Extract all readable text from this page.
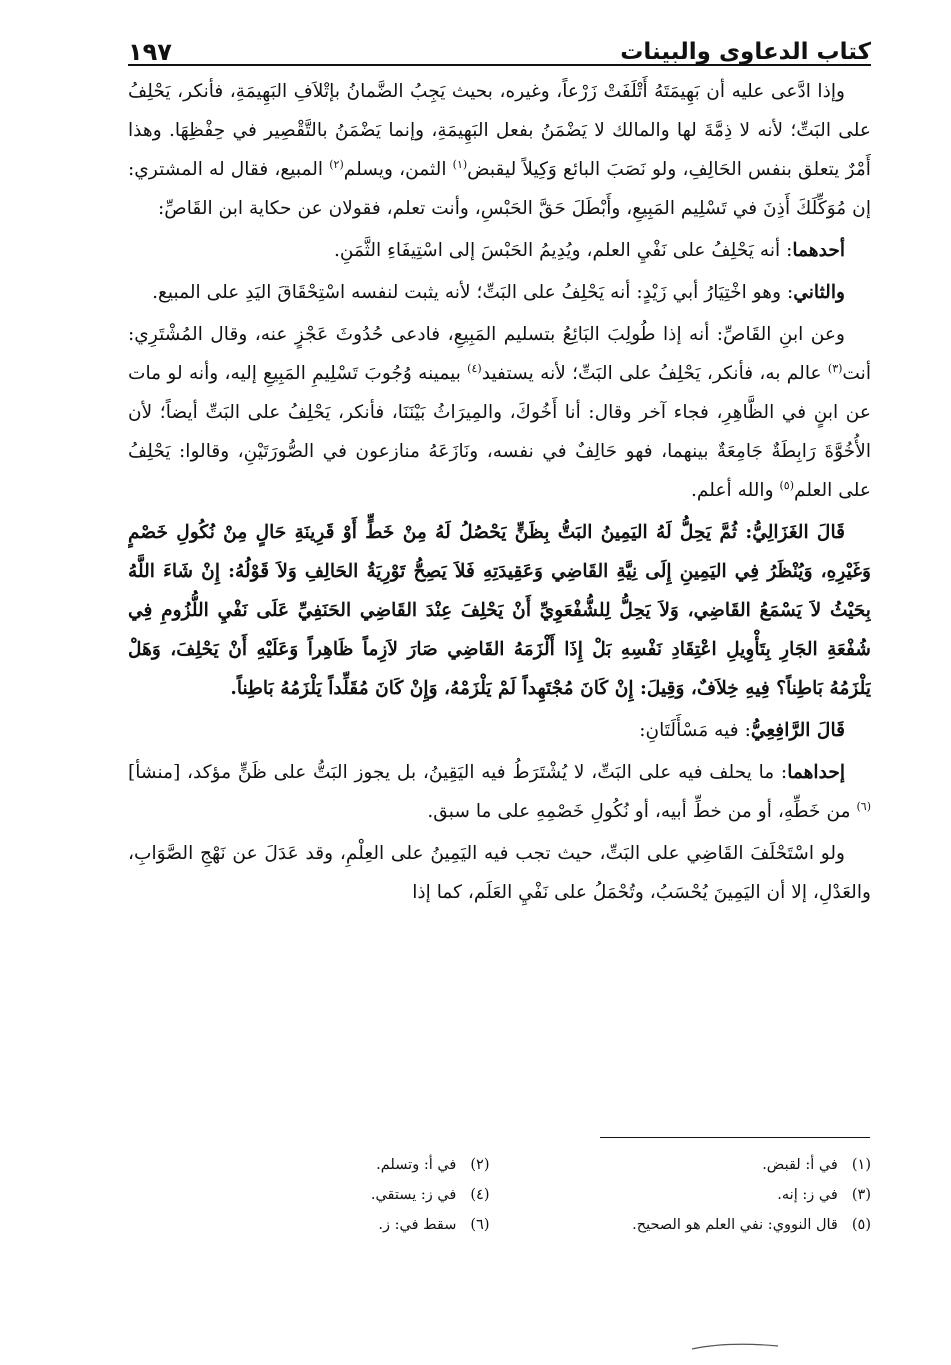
كتاب الدعاوى والبينات
١٩٧

وإذا ادَّعى عليه أن بَهِيمَتَهُ أَتْلَفَتْ زَرْعاً، وغيره، بحيث يَجِبُ الضَّمانُ بإتْلاَفِ البَهِيمَةِ، فأنكر، يَحْلِفُ على البَتِّ؛ لأنه لا ذِمَّةَ لها والمالك لا يَضْمَنُ بفعل البَهِيمَةِ، وإنما يَضْمَنُ بالتَّقْصِير في حِفْظِهَا. وهذا أَمْرٌ يتعلق بنفس الحَالِفِ، ولو نَصَبَ البائع وَكِيلاً ليقبض$^{(١)}$ الثمن، ويسلم$^{(٢)}$ المبيع، فقال له المشتري: إن مُوَكِّلَكَ أَذِنَ في تَسْلِيم المَبِيعِ، وأَبْطَلَ حَقَّ الحَبْسِ، وأنت تعلم، فقولان عن حكاية ابن القَاصِّ:

أحدهما: أنه يَحْلِفُ على نَفْيِ العلم، ويُدِيمُ الحَبْسَ إلى اسْتِيفَاءِ الثَّمَنِ.

والثاني: وهو اخْتِيَارُ أبي زَيْدٍ: أنه يَحْلِفُ على البَتِّ؛ لأنه يثبت لنفسه اسْتِحْقَاقَ اليَدِ على المبيع.

وعن ابنِ القَاصِّ: أنه إذا طُولِبَ البَائِعُ بتسليم المَبِيعِ، فادعى حُدُوثَ عَجْزٍ عنه، وقال المُشْتَرِي: أنت$^{(٣)}$ عالم به، فأنكر، يَحْلِفُ على البَتِّ؛ لأنه يستفيد$^{(٤)}$ بيمينه وُجُوبَ تَسْلِيمِ المَبِيعِ إليه، وأنه لو مات عن ابنٍ في الظَّاهِرِ، فجاء آخر وقال: أنا أَخُوكَ، والمِيرَاثُ بَيْنَنَا، فأنكر، يَحْلِفُ على البَتِّ أيضاً؛ لأن الأُخُوَّةَ رَابِطَةٌ جَامِعَةٌ بينهما، فهو حَالِفٌ في نفسه، ونَازَعَهُ منازعون في الصُّورَتَيْنِ، وقالوا: يَحْلِفُ على العلم$^{(٥)}$ والله أعلم.

قَالَ الغَزَالِيُّ: ثُمَّ يَحِلُّ لَهُ اليَمِينُ البَتُّ بِظَنٍّ يَحْصُلُ لَهُ مِنْ خَطٍّ أَوْ قَرِينَةِ حَالٍ مِنْ نُكُولِ خَصْمٍ وَغَيْرِهِ، وَيُنْظَرُ فِي اليَمِينِ إِلَى نِيَّةِ القَاضِي وَعَقِيدَتِهِ فَلاَ يَصِحُّ تَوْرِيَةُ الحَالِفِ وَلاَ قَوْلُهُ: إِنْ شَاءَ اللَّهُ بِحَيْثُ لاَ يَسْمَعُ القَاضِي، وَلاَ يَحِلُّ لِلشُّفْعَوِيِّ أَنْ يَحْلِفَ عِنْدَ القَاضِي الحَنَفِيِّ عَلَى نَفْيِ اللُّزُومِ فِي شُفْعَةِ الجَارِ بِتَأْوِيلِ اعْتِقَادِ نَفْسِهِ بَلْ إِذَا أَلْزَمَهُ القَاضِي صَارَ لاَزِماً ظَاهِراً وَعَلَيْهِ أَنْ يَحْلِفَ، وَهَلْ يَلْزَمُهُ بَاطِناً؟ فِيهِ خِلاَفٌ، وَقِيلَ: إِنْ كَانَ مُجْتَهِداً لَمْ يَلْزَمْهُ، وَإِنْ كَانَ مُقَلِّداً يَلْزَمُهُ بَاطِناً.

قَالَ الرَّافِعِيُّ: فيه مَسْأَلَتَانِ:

إحداهما: ما يحلف فيه على البَتِّ، لا يُشْتَرَطُ فيه اليَقِينُ، بل يجوز البَتُّ على ظَنٍّ مؤكد، [منشأ]$^{(٦)}$ من خَطِّهِ، أو من خطِّ أبيه، أو نُكُولِ خَصْمِهِ على ما سبق.

ولو اسْتَحْلَفَ القَاضِي على البَتِّ، حيث تجب فيه اليَمِينُ على العِلْمِ، وقد عَدَلَ عن نَهْجِ الصَّوَابِ، والعَدْلِ، إلا أن اليَمِينَ يُحْسَبُ، وتُحْمَلُ على نَفْيِ العَلَم، كما إذا

(١)في أ: لقبض.
(٢)في أ: وتسلم.
(٣)في ز: إنه.
(٤)في ز: يستقي.
(٥)قال النووي: نفي العلم هو الصحيح.
(٦)سقط في: ز.
